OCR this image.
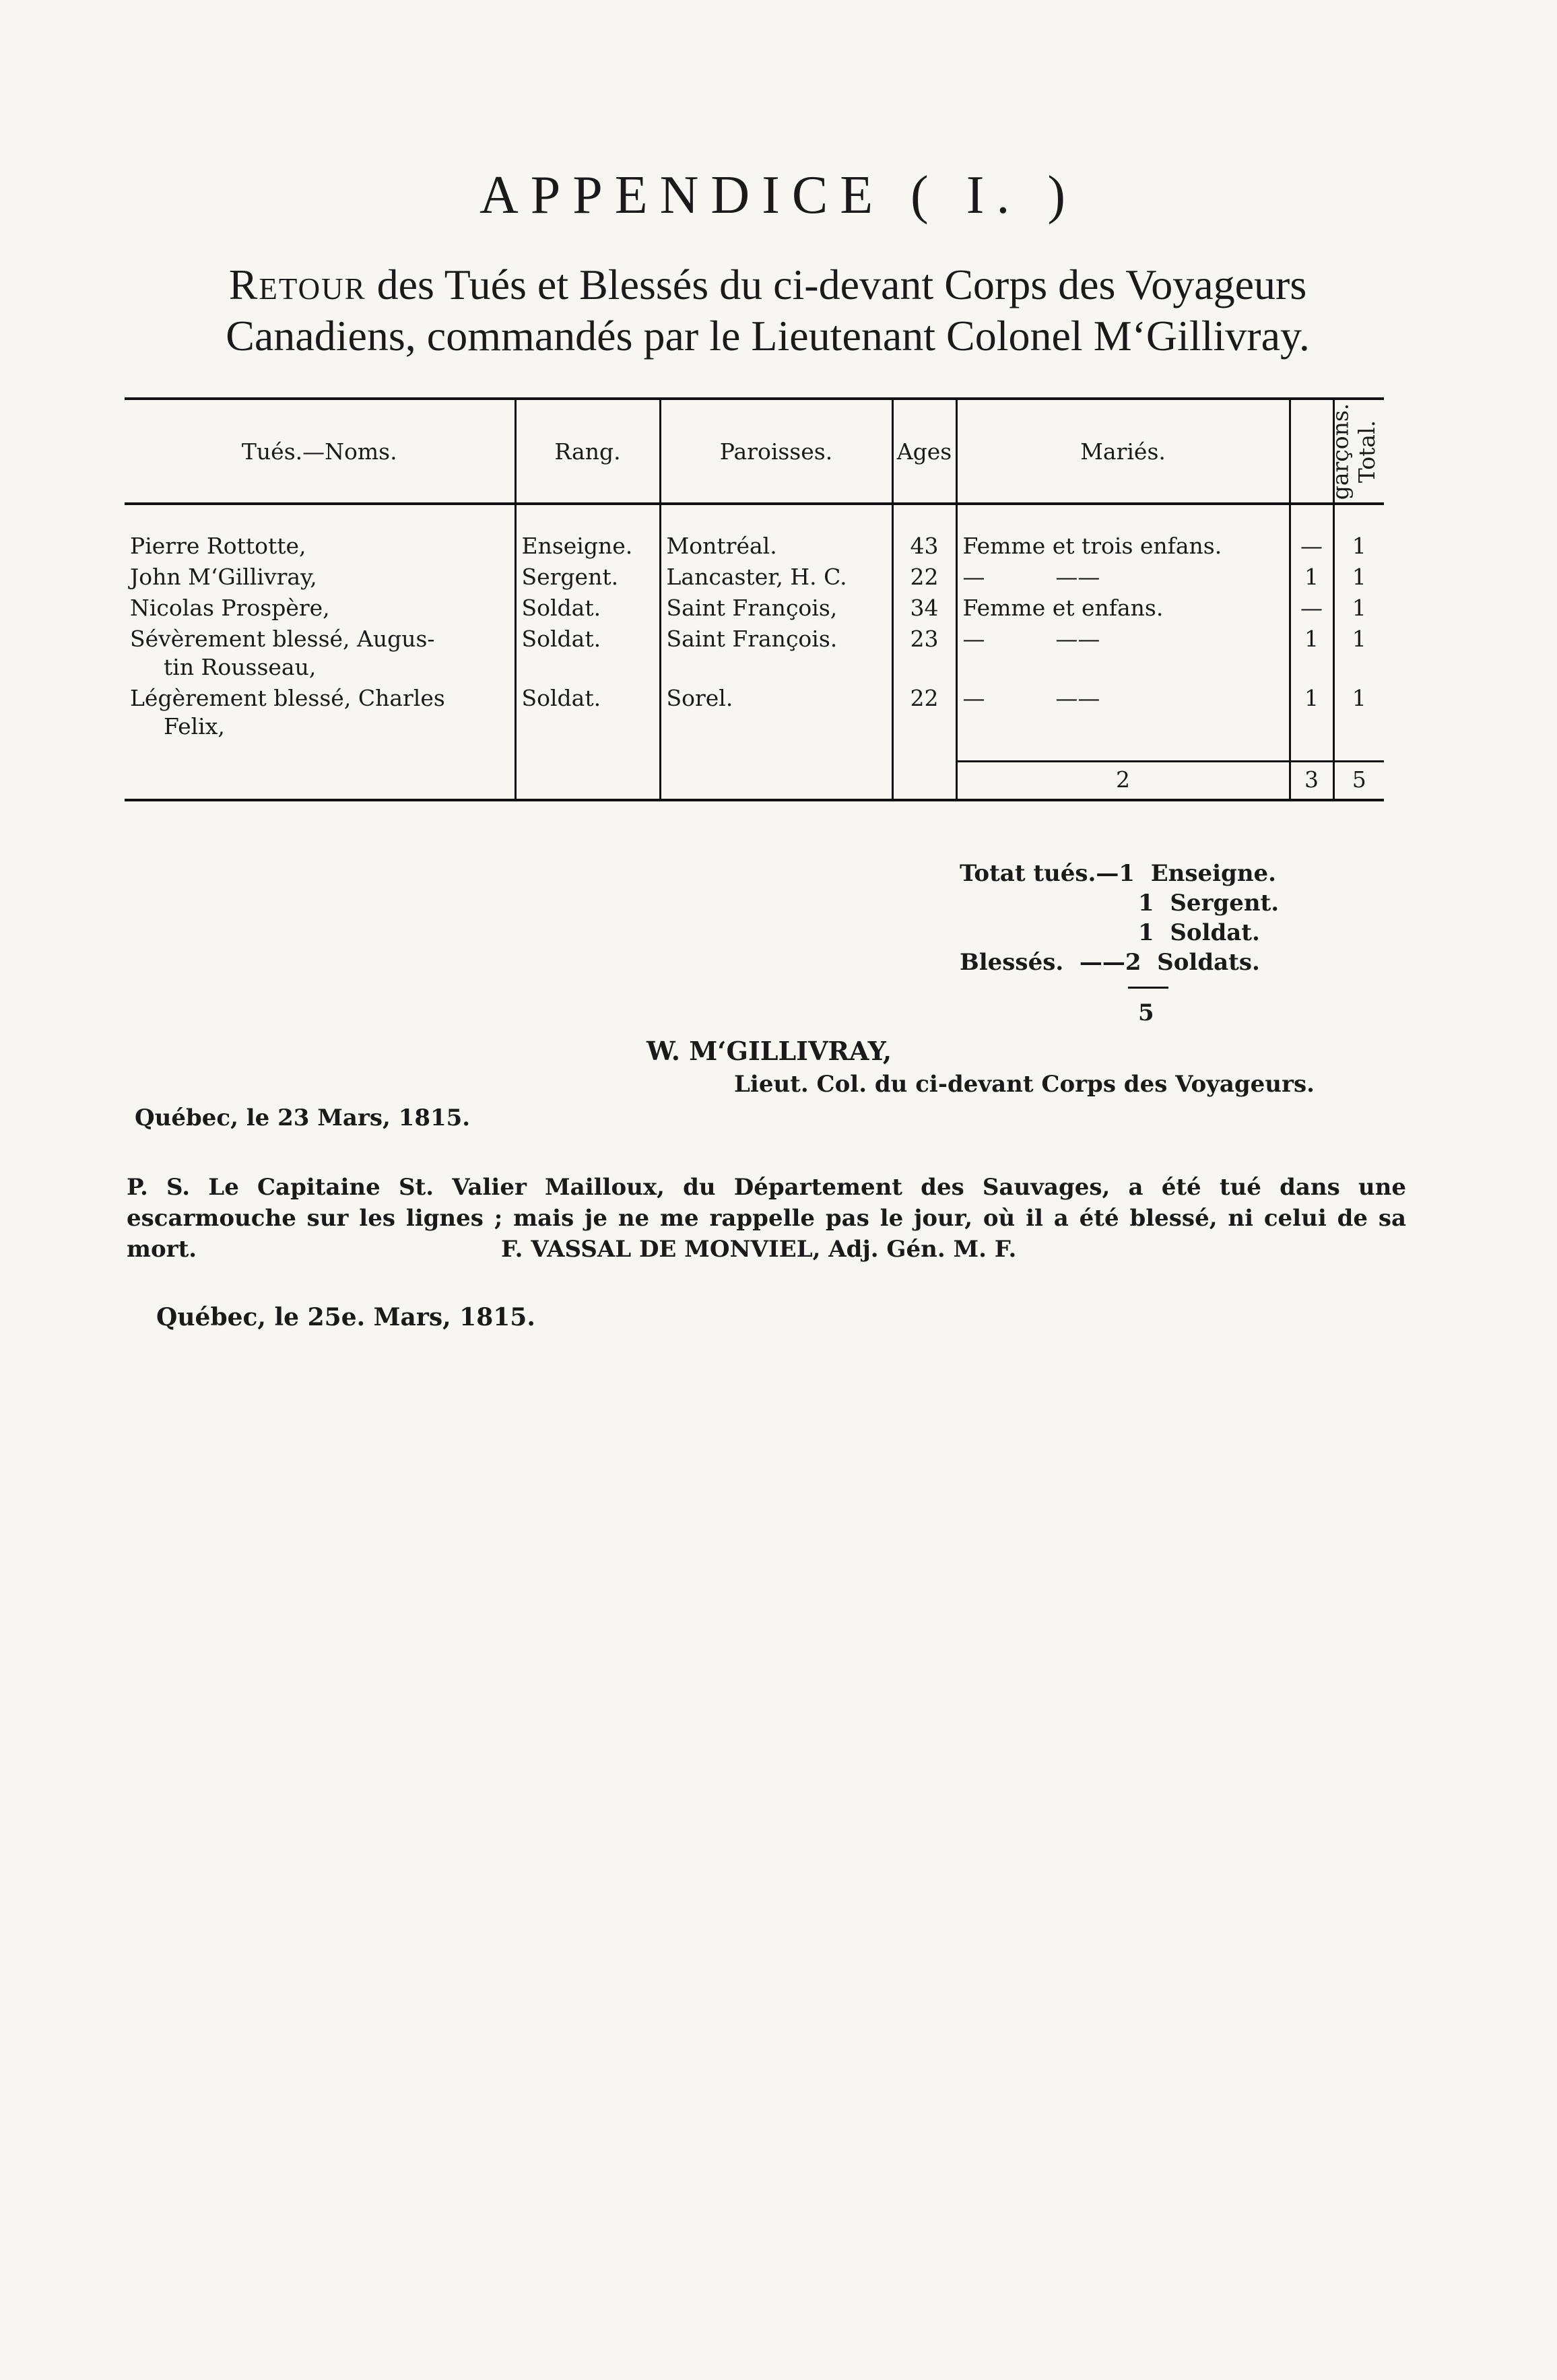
APPENDICE ( I. )
Retour des Tués et Blessés du ci-devant Corps des Voyageurs
Canadiens, commandés par le Lieutenant Colonel M‘Gillivray.
Tués.—Noms.	Rang.	Paroisses.	Ages	Mariés.	garçons.	Total.
Pierre Rottotte,	Enseigne.	Montréal.	43	Femme et trois enfans.	—	1
John M‘Gillivray,	Sergent.	Lancaster, H. C.	22	—          ——	1	1
Nicolas Prospère,	Soldat.	Saint François,	34	Femme et enfans.	—	1
Sévèrement blessé, Augus-
tin Rousseau,	Soldat.	Saint François.	23	—          ——	1	1
Légèrement blessé, Charles
Felix,	Soldat.	Sorel.	22	—          ——	1	1
				2	3	5
Totat tués.—1  Enseigne.
1  Sergent.
1  Soldat.
Blessés.  ——2  Soldats.
5
W. M‘GILLIVRAY,
Lieut. Col. du ci-devant Corps des Voyageurs.
Québec, le 23 Mars, 1815.
P. S. Le Capitaine St. Valier Mailloux, du Département des Sauvages, a été tué dans une escarmouche sur les lignes ; mais je ne me rappelle pas le jour, où il a été blessé, ni celui de sa mort.	F. VASSAL DE MONVIEL, Adj. Gén. M. F.
Québec, le 25e. Mars, 1815.
